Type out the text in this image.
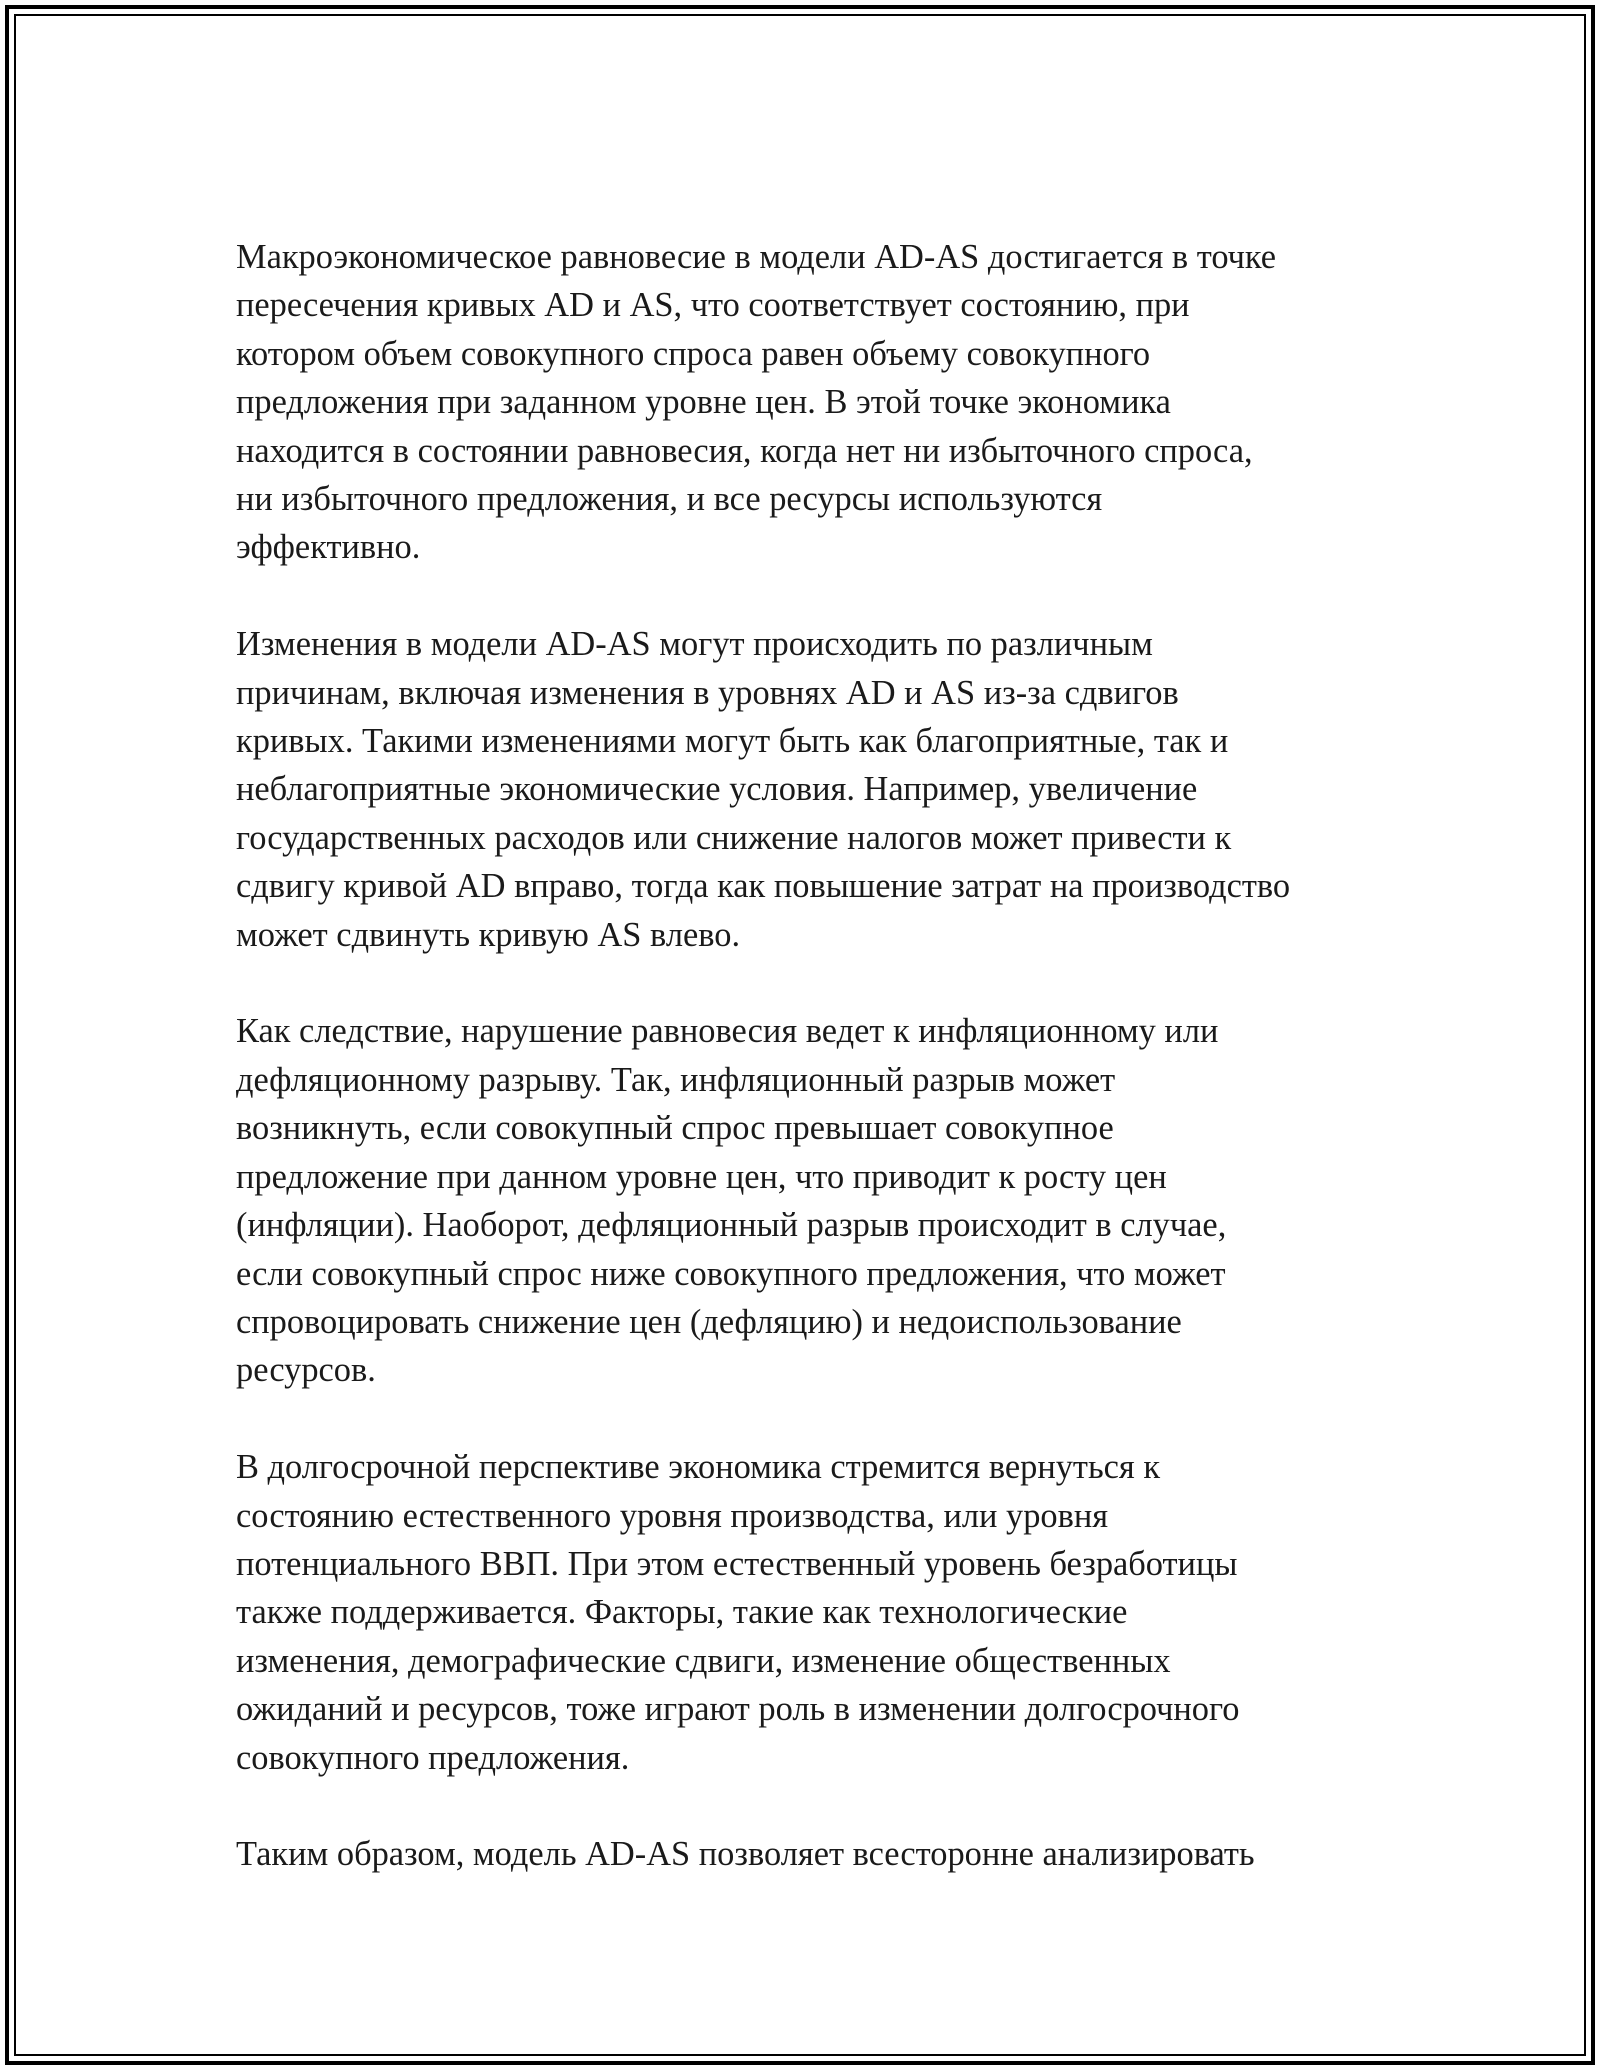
Макроэкономическое равновесие в модели AD-AS достигается в точке
пересечения кривых AD и AS, что соответствует состоянию, при
котором объем совокупного спроса равен объему совокупного
предложения при заданном уровне цен. В этой точке экономика
находится в состоянии равновесия, когда нет ни избыточного спроса,
ни избыточного предложения, и все ресурсы используются
эффективно.

Изменения в модели AD-AS могут происходить по различным
причинам, включая изменения в уровнях AD и AS из-за сдвигов
кривых. Такими изменениями могут быть как благоприятные, так и
неблагоприятные экономические условия. Например, увеличение
государственных расходов или снижение налогов может привести к
сдвигу кривой AD вправо, тогда как повышение затрат на производство
может сдвинуть кривую AS влево.

Как следствие, нарушение равновесия ведет к инфляционному или
дефляционному разрыву. Так, инфляционный разрыв может
возникнуть, если совокупный спрос превышает совокупное
предложение при данном уровне цен, что приводит к росту цен
(инфляции). Наоборот, дефляционный разрыв происходит в случае,
если совокупный спрос ниже совокупного предложения, что может
спровоцировать снижение цен (дефляцию) и недоиспользование
ресурсов.

В долгосрочной перспективе экономика стремится вернуться к
состоянию естественного уровня производства, или уровня
потенциального ВВП. При этом естественный уровень безработицы
также поддерживается. Факторы, такие как технологические
изменения, демографические сдвиги, изменение общественных
ожиданий и ресурсов, тоже играют роль в изменении долгосрочного
совокупного предложения.

Таким образом, модель AD-AS позволяет всесторонне анализировать
